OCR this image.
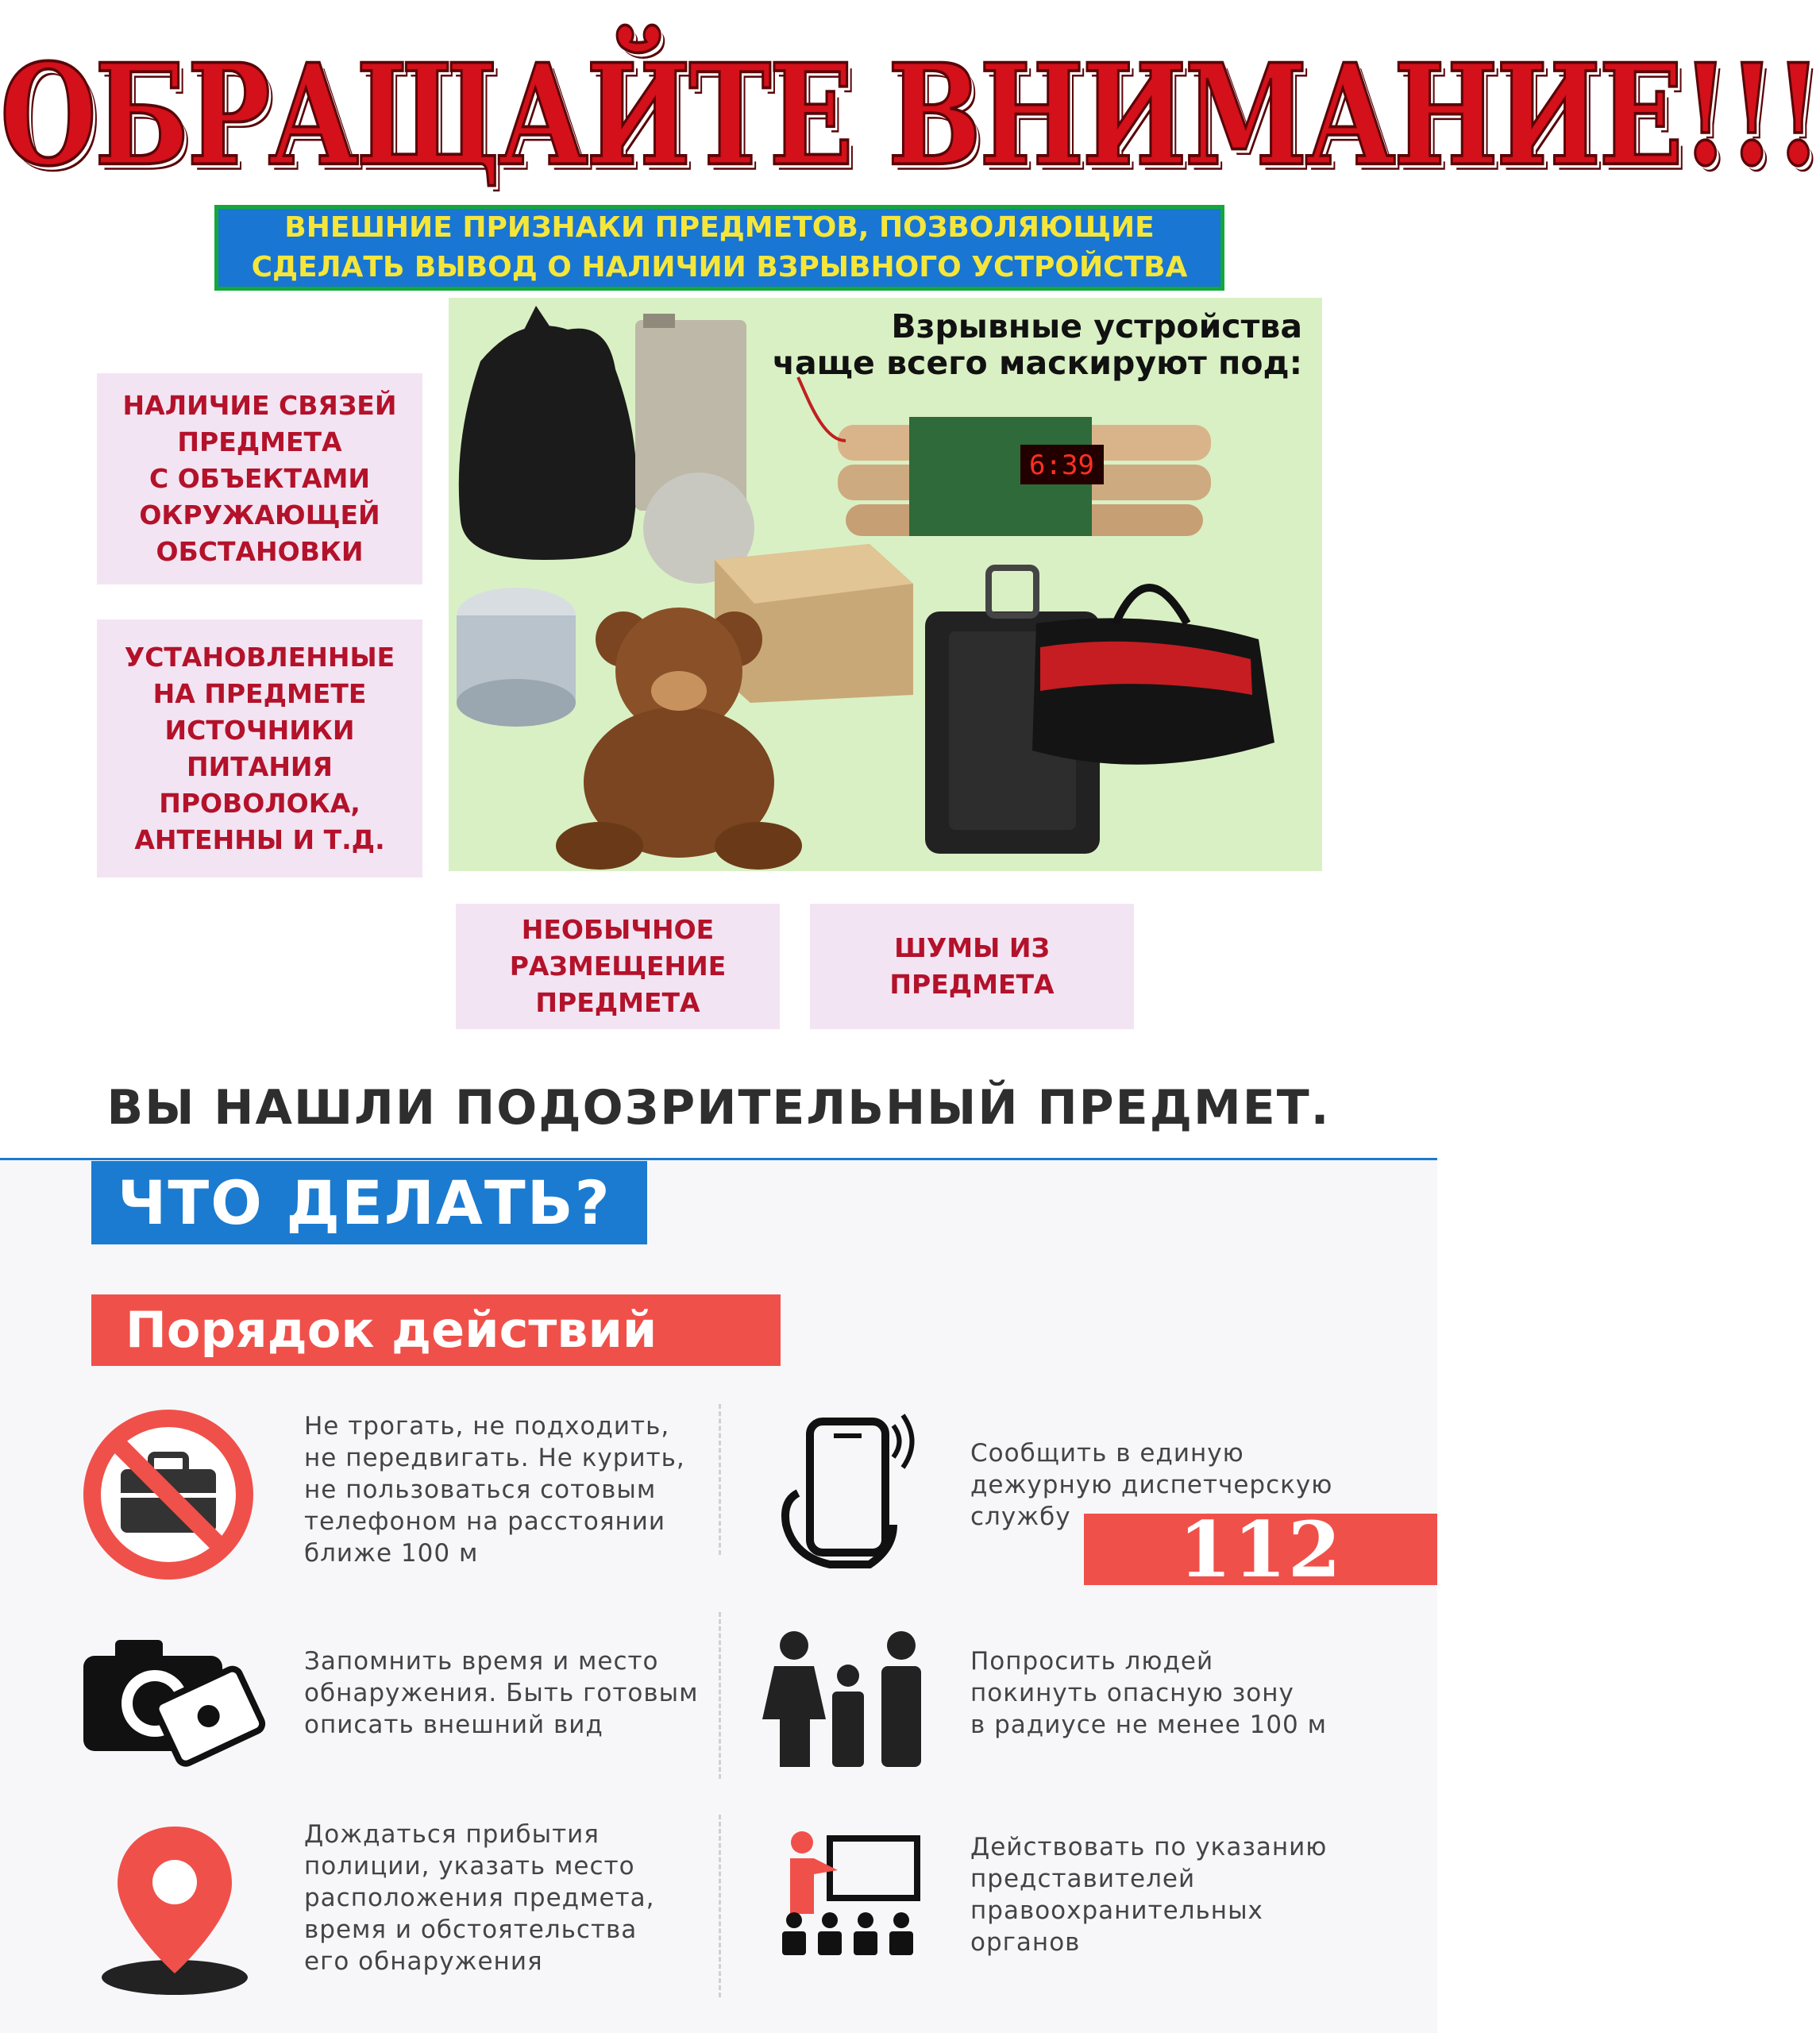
ОБРАЩАЙТЕ ВНИМАНИЕ!!!
ВНЕШНИЕ ПРИЗНАКИ ПРЕДМЕТОВ, ПОЗВОЛЯЮЩИЕ
СДЕЛАТЬ ВЫВОД О НАЛИЧИИ ВЗРЫВНОГО УСТРОЙСТВА
НАЛИЧИЕ СВЯЗЕЙ
ПРЕДМЕТА
С ОБЪЕКТАМИ
ОКРУЖАЮЩЕЙ
ОБСТАНОВКИ
УСТАНОВЛЕННЫЕ
НА ПРЕДМЕТЕ
ИСТОЧНИКИ ПИТАНИЯ
ПРОВОЛОКА,
АНТЕННЫ И Т.Д.
НЕОБЫЧНОЕ
РАЗМЕЩЕНИЕ
ПРЕДМЕТА
ШУМЫ ИЗ
ПРЕДМЕТА
6:39
Взрывные устройства
чаще всего маскируют под:
ВЫ НАШЛИ ПОДОЗРИТЕЛЬНЫЙ ПРЕДМЕТ.
ЧТО ДЕЛАТЬ?
Порядок действий
Не трогать, не подходить,
не передвигать. Не курить,
не пользоваться сотовым
телефоном на расстоянии
ближе 100 м
Сообщить в единую
дежурную диспетчерскую
службу	112
Запомнить время и место
обнаружения. Быть готовым
описать внешний вид
Попросить людей
покинуть опасную зону
в радиусе не менее 100 м
Дождаться прибытия
полиции, указать место
расположения предмета,
время и обстоятельства
его обнаружения
Действовать по указанию
представителей
правоохранительных
органов
